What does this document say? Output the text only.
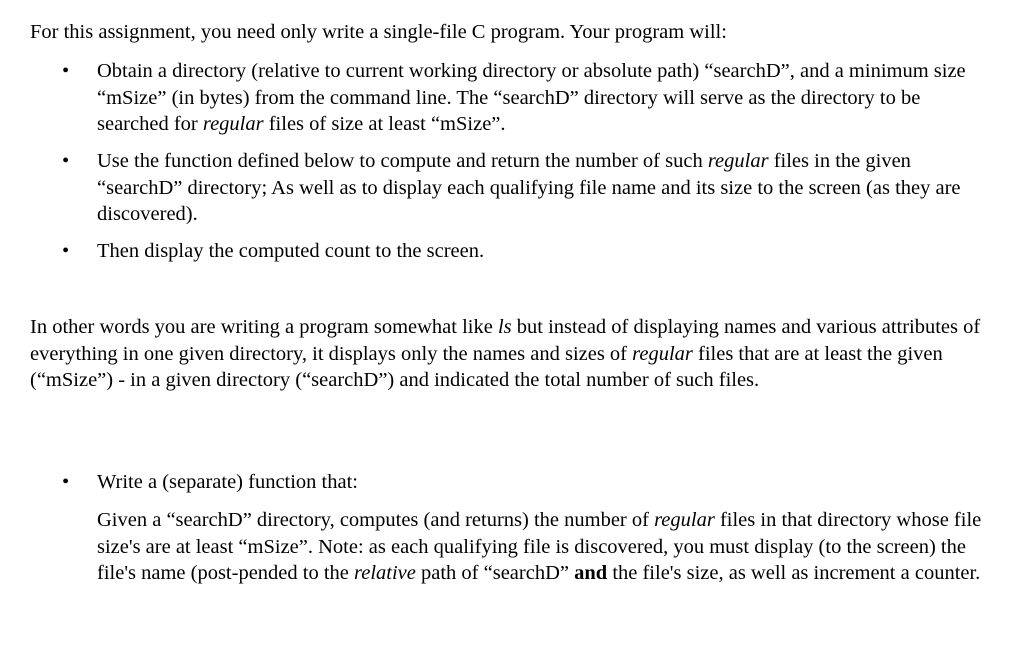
For this assignment, you need only write a single-file C program. Your program will:

• Obtain a directory (relative to current working directory or absolute path) “searchD”, and a minimum size “mSize” (in bytes) from the command line. The “searchD” directory will serve as the directory to be searched for regular files of size at least “mSize”.

• Use the function defined below to compute and return the number of such regular files in the given “searchD” directory; As well as to display each qualifying file name and its size to the screen (as they are discovered).

• Then display the computed count to the screen.

In other words you are writing a program somewhat like ls but instead of displaying names and various attributes of everything in one given directory, it displays only the names and sizes of regular files that are at least the given (“mSize”) - in a given directory (“searchD”) and indicated the total number of such files.

• Write a (separate) function that:

Given a “searchD” directory, computes (and returns) the number of regular files in that directory whose file size's are at least “mSize”. Note: as each qualifying file is discovered, you must display (to the screen) the file's name (post-pended to the relative path of “searchD” and the file's size, as well as increment a counter.
